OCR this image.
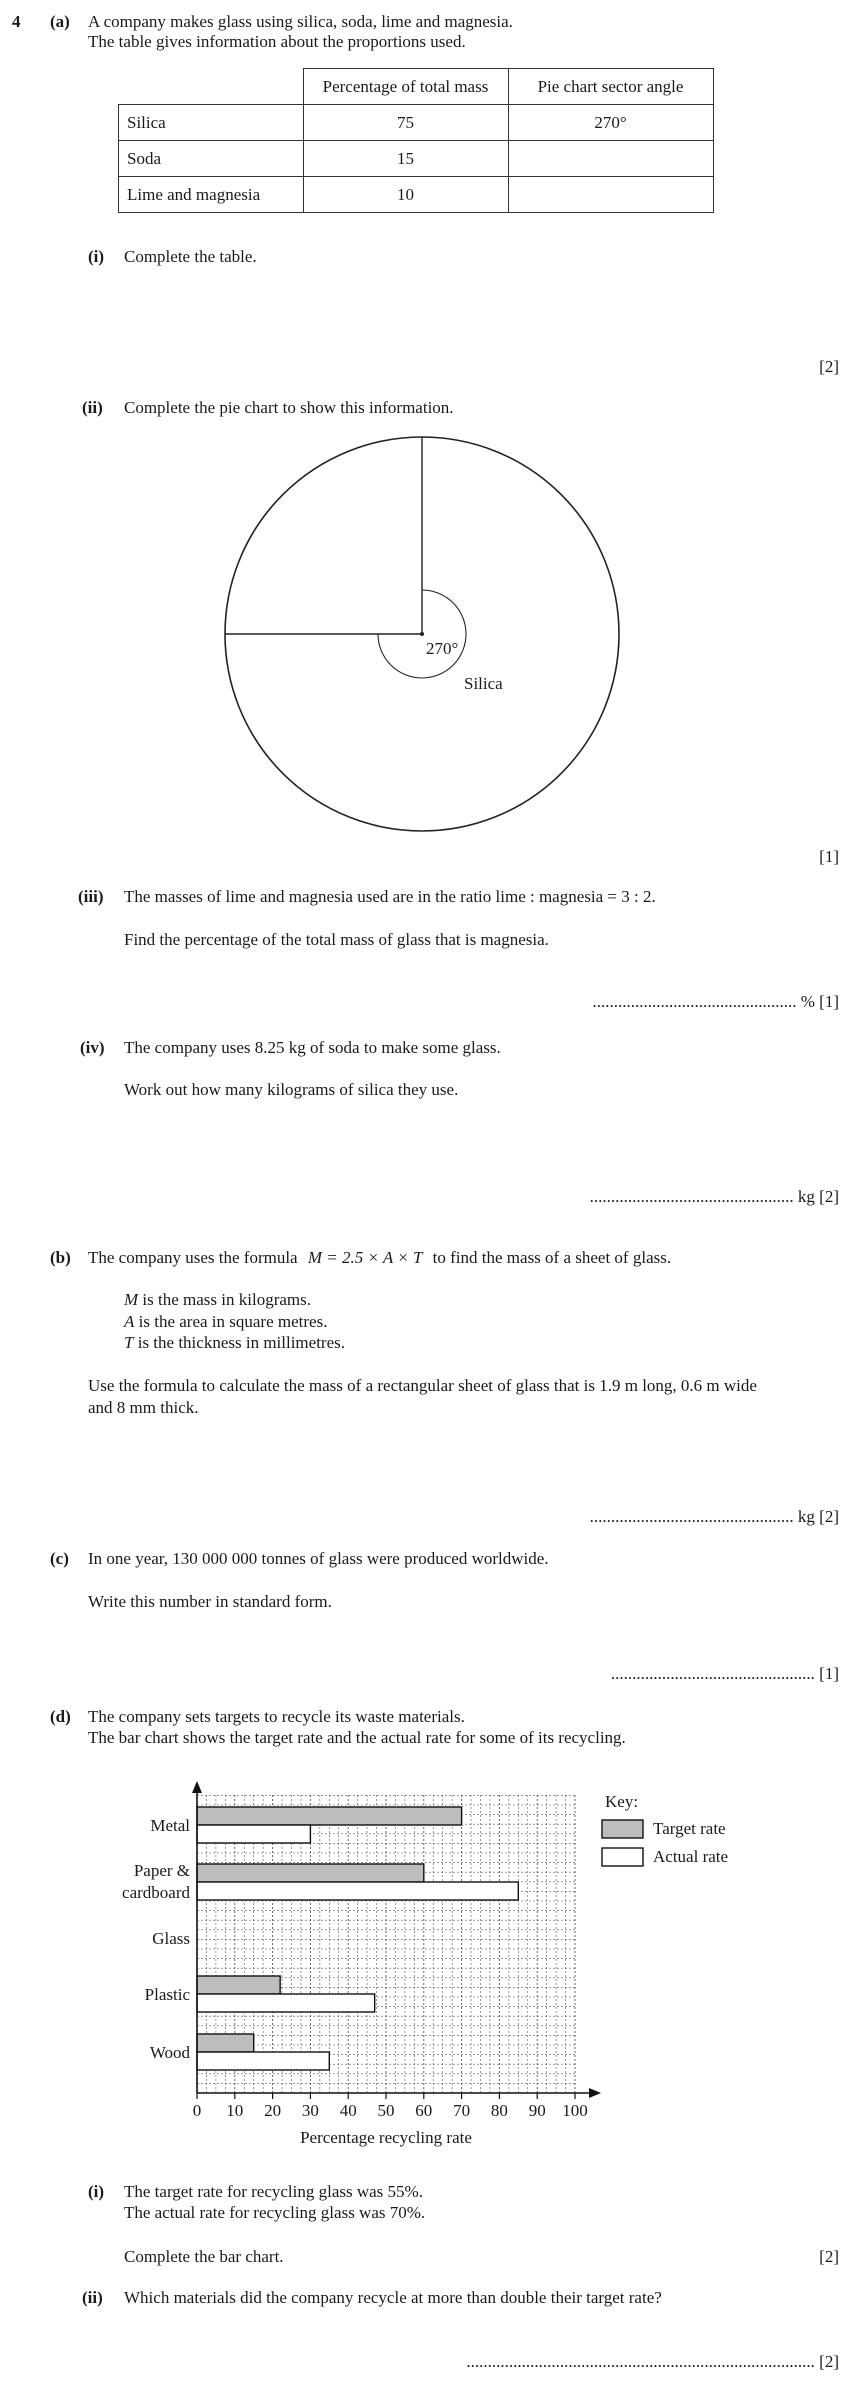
4 (a) A company makes glass using silica, soda, lime and magnesia.
The table gives information about the proportions used.
	Percentage of total mass	Pie chart sector angle
Silica	75	270°
Soda	15	
Lime and magnesia	10	
(i) Complete the table.
[2]
(ii) Complete the pie chart to show this information.
270°
Silica
[1]
(iii) The masses of lime and magnesia used are in the ratio lime : magnesia = 3 : 2.
Find the percentage of the total mass of glass that is magnesia.
................................................ % [1]
(iv) The company uses 8.25 kg of soda to make some glass.
Work out how many kilograms of silica they use.
................................................ kg [2]
(b) The company uses the formula M = 2.5 × A × T to find the mass of a sheet of glass.
M is the mass in kilograms.
A is the area in square metres.
T is the thickness in millimetres.
Use the formula to calculate the mass of a rectangular sheet of glass that is 1.9 m long, 0.6 m wide
and 8 mm thick.
................................................ kg [2]
(c) In one year, 130 000 000 tonnes of glass were produced worldwide.
Write this number in standard form.
................................................ [1]
(d) The company sets targets to recycle its waste materials.
The bar chart shows the target rate and the actual rate for some of its recycling.
0 10 20 30 40 50 60 70 80 90 100
Percentage recycling rate
Metal
Paper &
cardboard
Glass
Plastic
Wood
Key:
Target rate
Actual rate
(i) The target rate for recycling glass was 55%.
The actual rate for recycling glass was 70%.
Complete the bar chart.	[2]
(ii) Which materials did the company recycle at more than double their target rate?
.................................................................................. [2]
